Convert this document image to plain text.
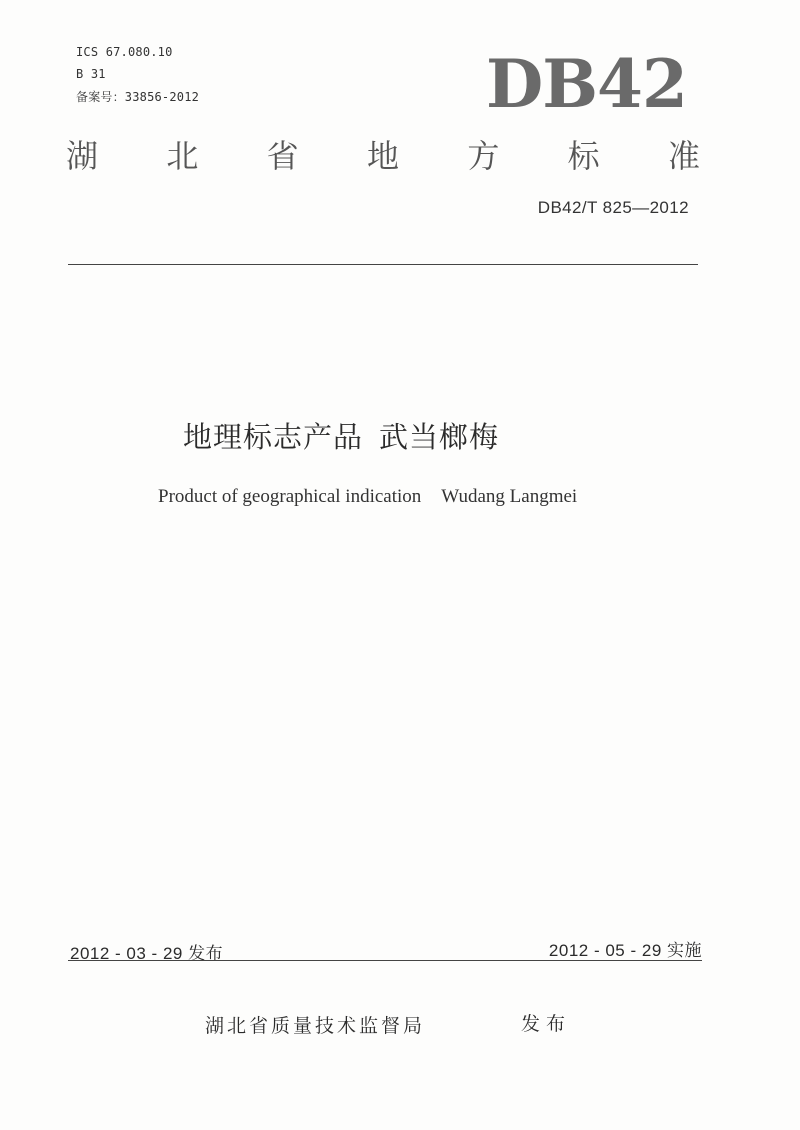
ICS 67.080.10
B 31
备案号：33856-2012	DB42
湖 北 省 地 方 标 准
DB42/T 825—2012
地理标志产品 武当榔梅
Product of geographical indication Wudang Langmei
2012 - 03 - 29 发布	2012 - 05 - 29 实施
湖北省质量技术监督局	发布
